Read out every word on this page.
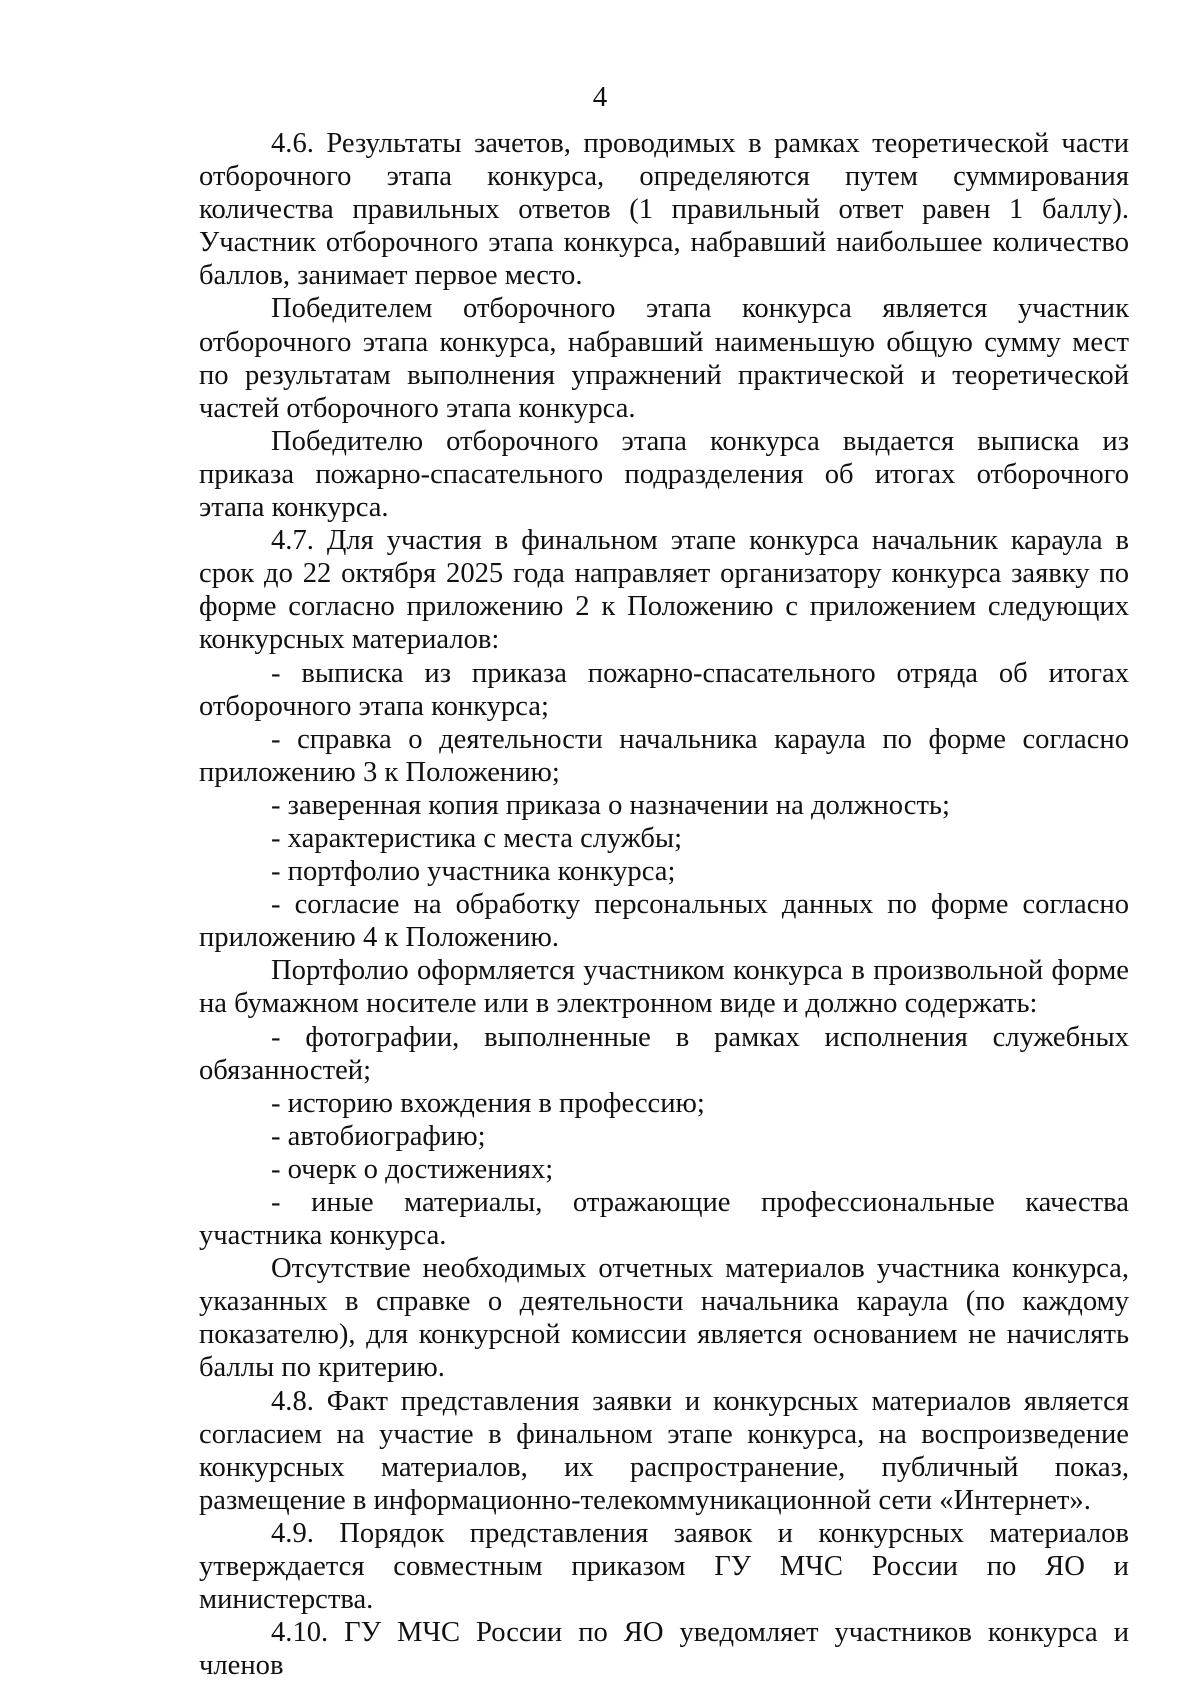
4

4.6. Результаты зачетов, проводимых в рамках теоретической части отборочного этапа конкурса, определяются путем суммирования количества правильных ответов (1 правильный ответ равен 1 баллу). Участник отборочного этапа конкурса, набравший наибольшее количество баллов, занимает первое место.

Победителем отборочного этапа конкурса является участник отборочного этапа конкурса, набравший наименьшую общую сумму мест по результатам выполнения упражнений практической и теоретической частей отборочного этапа конкурса.

Победителю отборочного этапа конкурса выдается выписка из приказа пожарно-спасательного подразделения об итогах отборочного этапа конкурса.

4.7. Для участия в финальном этапе конкурса начальник караула в срок до 22 октября 2025 года направляет организатору конкурса заявку по форме согласно приложению 2 к Положению с приложением следующих конкурсных материалов:

- выписка из приказа пожарно-спасательного отряда об итогах отборочного этапа конкурса;

- справка о деятельности начальника караула по форме согласно приложению 3 к Положению;

- заверенная копия приказа о назначении на должность;

- характеристика с места службы;

- портфолио участника конкурса;

- согласие на обработку персональных данных по форме согласно приложению 4 к Положению.

Портфолио оформляется участником конкурса в произвольной форме на бумажном носителе или в электронном виде и должно содержать:

- фотографии, выполненные в рамках исполнения служебных обязанностей;

- историю вхождения в профессию;

- автобиографию;

- очерк о достижениях;

- иные материалы, отражающие профессиональные качества участника конкурса.

Отсутствие необходимых отчетных материалов участника конкурса, указанных в справке о деятельности начальника караула (по каждому показателю), для конкурсной комиссии является основанием не начислять баллы по критерию.

4.8. Факт представления заявки и конкурсных материалов является согласием на участие в финальном этапе конкурса, на воспроизведение конкурсных материалов, их распространение, публичный показ, размещение в информационно-телекоммуникационной сети «Интернет».

4.9. Порядок представления заявок и конкурсных материалов утверждается совместным приказом ГУ МЧС России по ЯО и министерства.

4.10. ГУ МЧС России по ЯО уведомляет участников конкурса и членов
